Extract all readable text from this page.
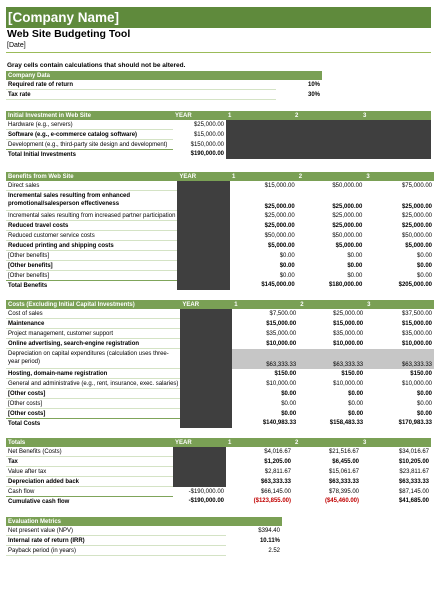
[Company Name]
Web Site Budgeting Tool
[Date]
Gray cells contain calculations that should not be altered.
Company Data	
Required rate of return	10%
Tax rate	30%
Initial Investment in Web Site	YEAR	1	2	3
Hardware (e.g., servers)	$25,000.00			
Software (e.g., e-commerce catalog software)	$15,000.00			
Development (e.g., third-party site design and development)	$150,000.00			
Total Initial Investments	$190,000.00			
Benefits from Web Site	YEAR	1	2	3
Direct sales		$15,000.00	$50,000.00	$75,000.00
Incremental sales resulting from enhanced promotional/salesperson effectiveness		$25,000.00	$25,000.00	$25,000.00
Incremental sales resulting from increased partner participation		$25,000.00	$25,000.00	$25,000.00
Reduced travel costs		$25,000.00	$25,000.00	$25,000.00
Reduced customer service costs		$50,000.00	$50,000.00	$50,000.00
Reduced printing and shipping costs		$5,000.00	$5,000.00	$5,000.00
[Other benefits]		$0.00	$0.00	$0.00
[Other benefits]		$0.00	$0.00	$0.00
[Other benefits]		$0.00	$0.00	$0.00
Total Benefits		$145,000.00	$180,000.00	$205,000.00
Costs (Excluding Initial Capital Investments)	YEAR	1	2	3
Cost of sales		$7,500.00	$25,000.00	$37,500.00
Maintenance		$15,000.00	$15,000.00	$15,000.00
Project management, customer support		$35,000.00	$35,000.00	$35,000.00
Online advertising, search-engine registration		$10,000.00	$10,000.00	$10,000.00
Depreciation on capital expenditures (calculation uses three-year period)		$63,333.33	$63,333.33	$63,333.33
Hosting, domain-name registration		$150.00	$150.00	$150.00
General and administrative (e.g., rent, insurance, exec. salaries)		$10,000.00	$10,000.00	$10,000.00
[Other costs]		$0.00	$0.00	$0.00
[Other costs]		$0.00	$0.00	$0.00
[Other costs]		$0.00	$0.00	$0.00
Total Costs		$140,983.33	$158,483.33	$170,983.33
Totals	YEAR	1	2	3
Net Benefits (Costs)		$4,016.67	$21,516.67	$34,016.67
Tax		$1,205.00	$6,455.00	$10,205.00
Value after tax		$2,811.67	$15,061.67	$23,811.67
Depreciation added back		$63,333.33	$63,333.33	$63,333.33
Cash flow	-$190,000.00	$66,145.00	$78,395.00	$87,145.00
Cumulative cash flow	-$190,000.00	($123,855.00)	($45,460.00)	$41,685.00
Evaluation Metrics	
Net present value (NPV)	$394.40
Internal rate of return (IRR)	10.11%
Payback period (in years)	2.52
